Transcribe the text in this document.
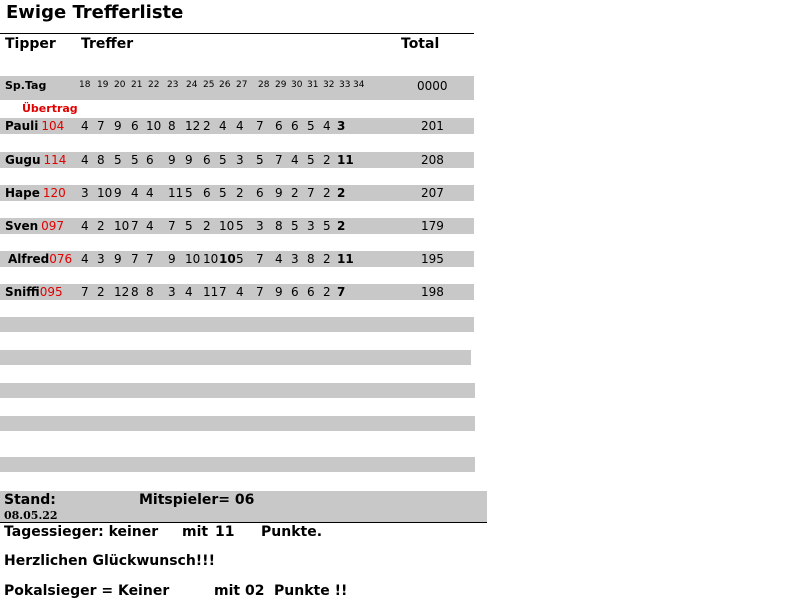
Ewige Trefferliste
Tipper Treffer	Total
Sp.Tag	18 19 20 21 22 23 24 25 26 27 28 29 30 31 32 33 34	0000
Übertrag
Pauli 104 4 7 9 6 10 8 12 2 4 4 7 6 6 5 4 3	201
Gugu 114 4 8 5 5 6 9 9 6 5 3 5 7 4 5 2 11	208
Hape 120 3 10 9 4 4 11 5 6 5 2 6 9 2 7 2 2	207
Sven 097 4 2 10 7 4 7 5 2 10 5 3 8 5 3 5 2	179
Alfred076 4 3 9 7 7 9 10 10 10 5 7 4 3 8 2 11	195
Sniffi095 7 2 12 8 8 3 4 11 7 4 7 9 6 6 2 7	198
Stand:
08.05.22
Mitspieler= 06
Tagessieger: keiner mit 11 Punkte.
Herzlichen Glückwunsch!!!
Pokalsieger = Keiner	mit 02 Punkte !!
